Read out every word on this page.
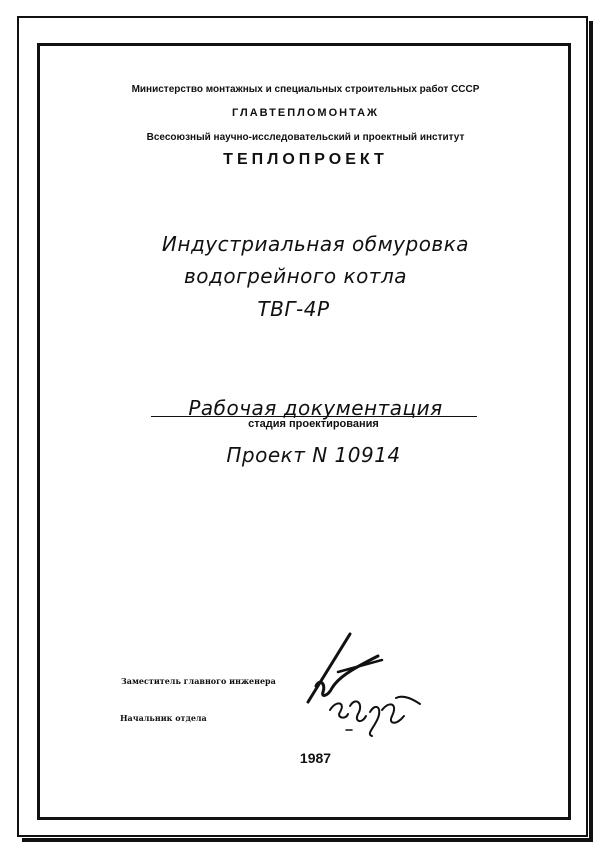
Министерство монтажных и специальных строительных работ СССР
ГЛАВТЕПЛОМОНТАЖ
Всесоюзный научно-исследовательский и проектный институт
ТЕПЛОПРОЕКТ
Индустриальная обмуровка
водогрейного котла
ТВГ-4Р
Рабочая документация
стадия проектирования
Проект N 10914
Заместитель главного инженера
Начальник отдела
1987
